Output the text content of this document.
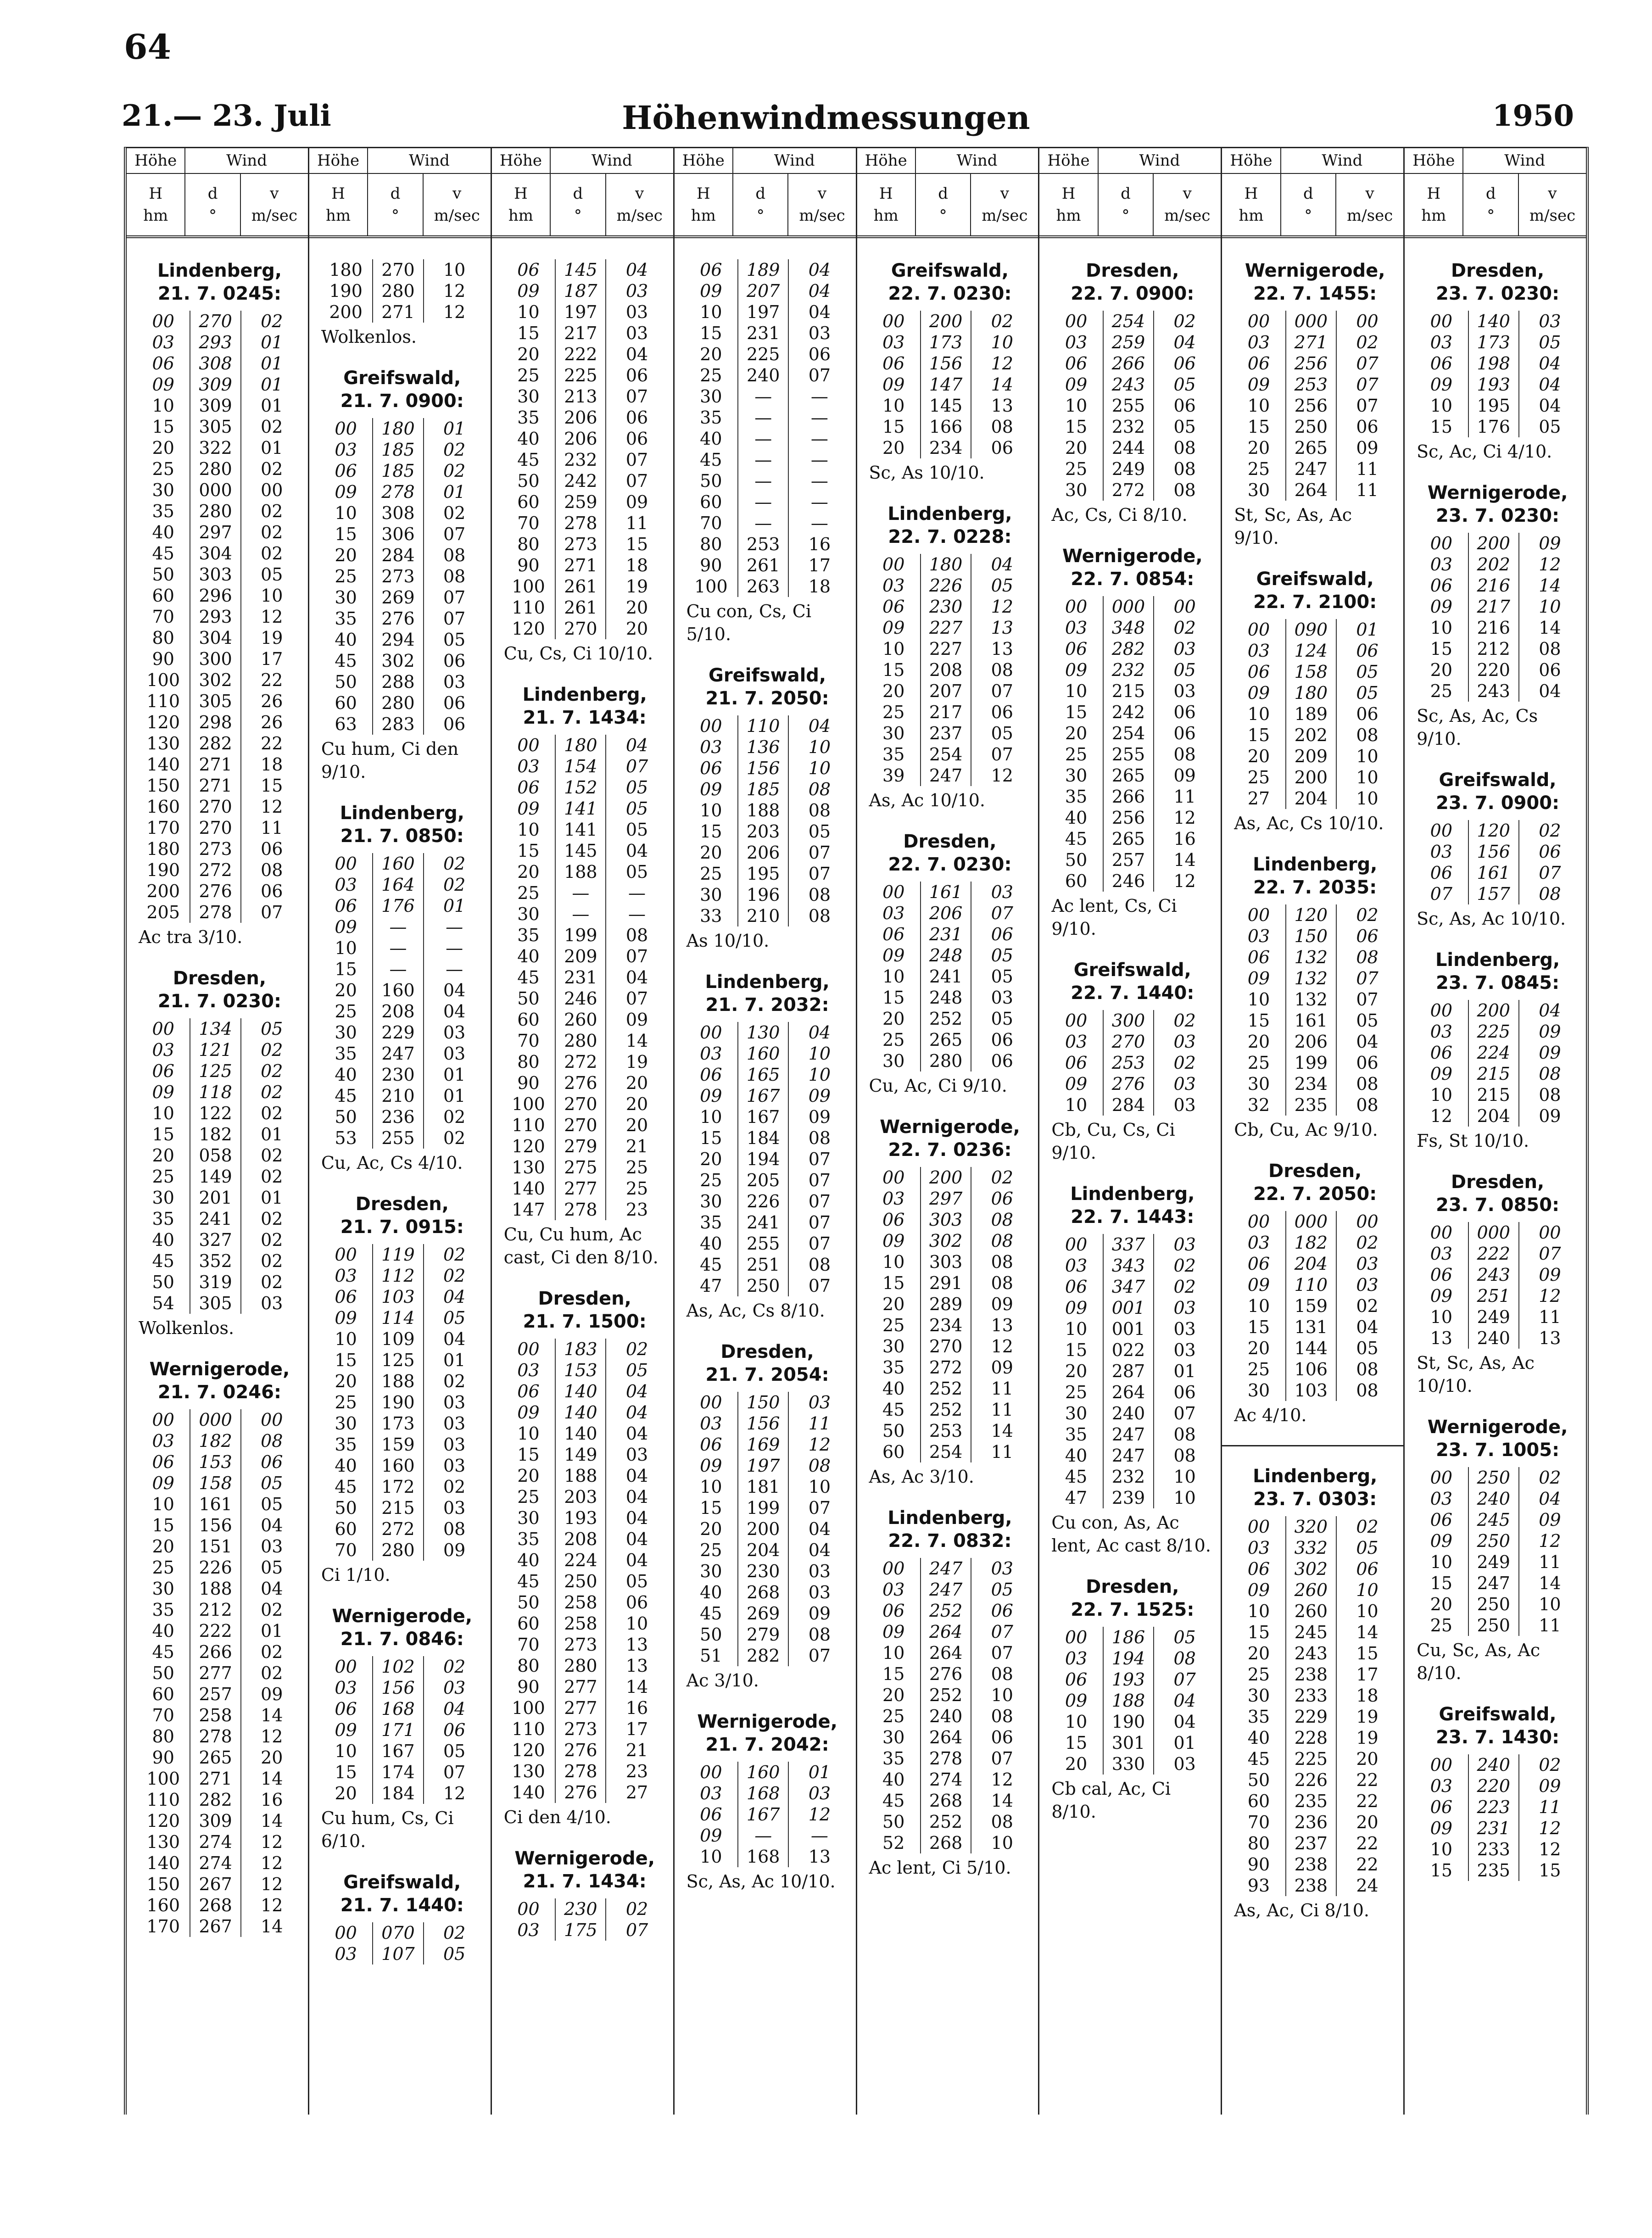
64
21.— 23. Juli	Höhenwindmessungen	1950
Höhe	Wind
H
hm
d
°
v
m/sec
Lindenberg,
21. 7. 0245:
00	270	02
03	293	01
06	308	01
09	309	01
10	309	01
15	305	02
20	322	01
25	280	02
30	000	00
35	280	02
40	297	02
45	304	02
50	303	05
60	296	10
70	293	12
80	304	19
90	300	17
100	302	22
110	305	26
120	298	26
130	282	22
140	271	18
150	271	15
160	270	12
170	270	11
180	273	06
190	272	08
200	276	06
205	278	07
Ac tra 3/10.
Dresden,
21. 7. 0230:
00	134	05
03	121	02
06	125	02
09	118	02
10	122	02
15	182	01
20	058	02
25	149	02
30	201	01
35	241	02
40	327	02
45	352	02
50	319	02
54	305	03
Wolkenlos.
Wernigerode,
21. 7. 0246:
00	000	00
03	182	08
06	153	06
09	158	05
10	161	05
15	156	04
20	151	03
25	226	05
30	188	04
35	212	02
40	222	01
45	266	02
50	277	02
60	257	09
70	258	14
80	278	12
90	265	20
100	271	14
110	282	16
120	309	14
130	274	12
140	274	12
150	267	12
160	268	12
170	267	14
Höhe	Wind
H
hm
d
°
v
m/sec
180	270	10
190	280	12
200	271	12
Wolkenlos.
Greifswald,
21. 7. 0900:
00	180	01
03	185	02
06	185	02
09	278	01
10	308	02
15	306	07
20	284	08
25	273	08
30	269	07
35	276	07
40	294	05
45	302	06
50	288	03
60	280	06
63	283	06
Cu hum, Ci den 9/10.
Lindenberg,
21. 7. 0850:
00	160	02
03	164	02
06	176	01
09	—	—
10	—	—
15	—	—
20	160	04
25	208	04
30	229	03
35	247	03
40	230	01
45	210	01
50	236	02
53	255	02
Cu, Ac, Cs 4/10.
Dresden,
21. 7. 0915:
00	119	02
03	112	02
06	103	04
09	114	05
10	109	04
15	125	01
20	188	02
25	190	03
30	173	03
35	159	03
40	160	03
45	172	02
50	215	03
60	272	08
70	280	09
Ci 1/10.
Wernigerode,
21. 7. 0846:
00	102	02
03	156	03
06	168	04
09	171	06
10	167	05
15	174	07
20	184	12
Cu hum, Cs, Ci 6/10.
Greifswald,
21. 7. 1440:
00	070	02
03	107	05
Höhe	Wind
H
hm
d
°
v
m/sec
06	145	04
09	187	03
10	197	03
15	217	03
20	222	04
25	225	06
30	213	07
35	206	06
40	206	06
45	232	07
50	242	07
60	259	09
70	278	11
80	273	15
90	271	18
100	261	19
110	261	20
120	270	20
Cu, Cs, Ci 10/10.
Lindenberg,
21. 7. 1434:
00	180	04
03	154	07
06	152	05
09	141	05
10	141	05
15	145	04
20	188	05
25	—	—
30	—	—
35	199	08
40	209	07
45	231	04
50	246	07
60	260	09
70	280	14
80	272	19
90	276	20
100	270	20
110	270	20
120	279	21
130	275	25
140	277	25
147	278	23
Cu, Cu hum, Ac cast, Ci den 8/10.
Dresden,
21. 7. 1500:
00	183	02
03	153	05
06	140	04
09	140	04
10	140	04
15	149	03
20	188	04
25	203	04
30	193	04
35	208	04
40	224	04
45	250	05
50	258	06
60	258	10
70	273	13
80	280	13
90	277	14
100	277	16
110	273	17
120	276	21
130	278	23
140	276	27
Ci den 4/10.
Wernigerode,
21. 7. 1434:
00	230	02
03	175	07
Höhe	Wind
H
hm
d
°
v
m/sec
06	189	04
09	207	04
10	197	04
15	231	03
20	225	06
25	240	07
30	—	—
35	—	—
40	—	—
45	—	—
50	—	—
60	—	—
70	—	—
80	253	16
90	261	17
100	263	18
Cu con, Cs, Ci 5/10.
Greifswald,
21. 7. 2050:
00	110	04
03	136	10
06	156	10
09	185	08
10	188	08
15	203	05
20	206	07
25	195	07
30	196	08
33	210	08
As 10/10.
Lindenberg,
21. 7. 2032:
00	130	04
03	160	10
06	165	10
09	167	09
10	167	09
15	184	08
20	194	07
25	205	07
30	226	07
35	241	07
40	255	07
45	251	08
47	250	07
As, Ac, Cs 8/10.
Dresden,
21. 7. 2054:
00	150	03
03	156	11
06	169	12
09	197	08
10	181	10
15	199	07
20	200	04
25	204	04
30	230	03
40	268	03
45	269	09
50	279	08
51	282	07
Ac 3/10.
Wernigerode,
21. 7. 2042:
00	160	01
03	168	03
06	167	12
09	—	—
10	168	13
Sc, As, Ac 10/10.
Höhe	Wind
H
hm
d
°
v
m/sec
Greifswald,
22. 7. 0230:
00	200	02
03	173	10
06	156	12
09	147	14
10	145	13
15	166	08
20	234	06
Sc, As 10/10.
Lindenberg,
22. 7. 0228:
00	180	04
03	226	05
06	230	12
09	227	13
10	227	13
15	208	08
20	207	07
25	217	06
30	237	05
35	254	07
39	247	12
As, Ac 10/10.
Dresden,
22. 7. 0230:
00	161	03
03	206	07
06	231	06
09	248	05
10	241	05
15	248	03
20	252	05
25	265	06
30	280	06
Cu, Ac, Ci 9/10.
Wernigerode,
22. 7. 0236:
00	200	02
03	297	06
06	303	08
09	302	08
10	303	08
15	291	08
20	289	09
25	234	13
30	270	12
35	272	09
40	252	11
45	252	11
50	253	14
60	254	11
As, Ac 3/10.
Lindenberg,
22. 7. 0832:
00	247	03
03	247	05
06	252	06
09	264	07
10	264	07
15	276	08
20	252	10
25	240	08
30	264	06
35	278	07
40	274	12
45	268	14
50	252	08
52	268	10
Ac lent, Ci 5/10.
Höhe	Wind
H
hm
d
°
v
m/sec
Dresden,
22. 7. 0900:
00	254	02
03	259	04
06	266	06
09	243	05
10	255	06
15	232	05
20	244	08
25	249	08
30	272	08
Ac, Cs, Ci 8/10.
Wernigerode,
22. 7. 0854:
00	000	00
03	348	02
06	282	03
09	232	05
10	215	03
15	242	06
20	254	06
25	255	08
30	265	09
35	266	11
40	256	12
45	265	16
50	257	14
60	246	12
Ac lent, Cs, Ci 9/10.
Greifswald,
22. 7. 1440:
00	300	02
03	270	03
06	253	02
09	276	03
10	284	03
Cb, Cu, Cs, Ci 9/10.
Lindenberg,
22. 7. 1443:
00	337	03
03	343	02
06	347	02
09	001	03
10	001	03
15	022	03
20	287	01
25	264	06
30	240	07
35	247	08
40	247	08
45	232	10
47	239	10
Cu con, As, Ac lent, Ac cast 8/10.
Dresden,
22. 7. 1525:
00	186	05
03	194	08
06	193	07
09	188	04
10	190	04
15	301	01
20	330	03
Cb cal, Ac, Ci 8/10.
Höhe	Wind
H
hm
d
°
v
m/sec
Wernigerode,
22. 7. 1455:
00	000	00
03	271	02
06	256	07
09	253	07
10	256	07
15	250	06
20	265	09
25	247	11
30	264	11
St, Sc, As, Ac 9/10.
Greifswald,
22. 7. 2100:
00	090	01
03	124	06
06	158	05
09	180	05
10	189	06
15	202	08
20	209	10
25	200	10
27	204	10
As, Ac, Cs 10/10.
Lindenberg,
22. 7. 2035:
00	120	02
03	150	06
06	132	08
09	132	07
10	132	07
15	161	05
20	206	04
25	199	06
30	234	08
32	235	08
Cb, Cu, Ac 9/10.
Dresden,
22. 7. 2050:
00	000	00
03	182	02
06	204	03
09	110	03
10	159	02
15	131	04
20	144	05
25	106	08
30	103	08
Ac 4/10.
Lindenberg,
23. 7. 0303:
00	320	02
03	332	05
06	302	06
09	260	10
10	260	10
15	245	14
20	243	15
25	238	17
30	233	18
35	229	19
40	228	19
45	225	20
50	226	22
60	235	22
70	236	20
80	237	22
90	238	22
93	238	24
As, Ac, Ci 8/10.
Höhe	Wind
H
hm
d
°
v
m/sec
Dresden,
23. 7. 0230:
00	140	03
03	173	05
06	198	04
09	193	04
10	195	04
15	176	05
Sc, Ac, Ci 4/10.
Wernigerode,
23. 7. 0230:
00	200	09
03	202	12
06	216	14
09	217	10
10	216	14
15	212	08
20	220	06
25	243	04
Sc, As, Ac, Cs 9/10.
Greifswald,
23. 7. 0900:
00	120	02
03	156	06
06	161	07
07	157	08
Sc, As, Ac 10/10.
Lindenberg,
23. 7. 0845:
00	200	04
03	225	09
06	224	09
09	215	08
10	215	08
12	204	09
Fs, St 10/10.
Dresden,
23. 7. 0850:
00	000	00
03	222	07
06	243	09
09	251	12
10	249	11
13	240	13
St, Sc, As, Ac 10/10.
Wernigerode,
23. 7. 1005:
00	250	02
03	240	04
06	245	09
09	250	12
10	249	11
15	247	14
20	250	10
25	250	11
Cu, Sc, As, Ac 8/10.
Greifswald,
23. 7. 1430:
00	240	02
03	220	09
06	223	11
09	231	12
10	233	12
15	235	15
